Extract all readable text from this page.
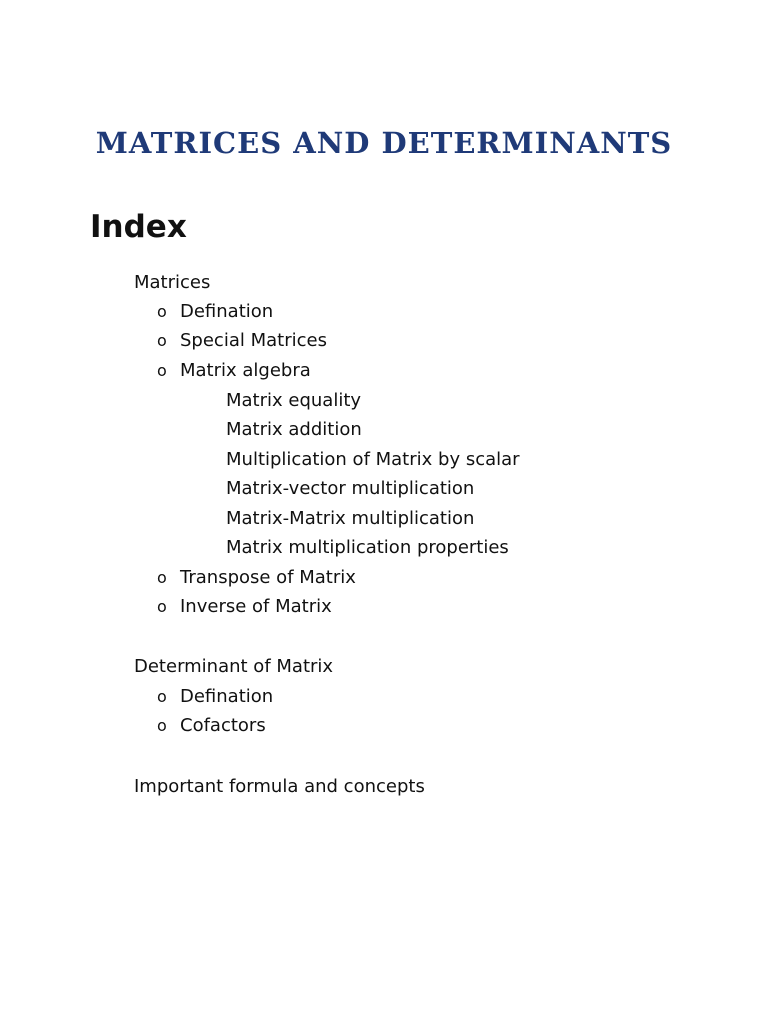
MATRICES AND DETERMINANTS
Index
Matrices
o Defination
o Special Matrices
o Matrix algebra
Matrix equality
Matrix addition
Multiplication of Matrix by scalar
Matrix-vector multiplication
Matrix-Matrix multiplication
Matrix multiplication properties
o Transpose of Matrix
o Inverse of Matrix
Determinant of Matrix
o Defination
o Cofactors
Important formula and concepts
